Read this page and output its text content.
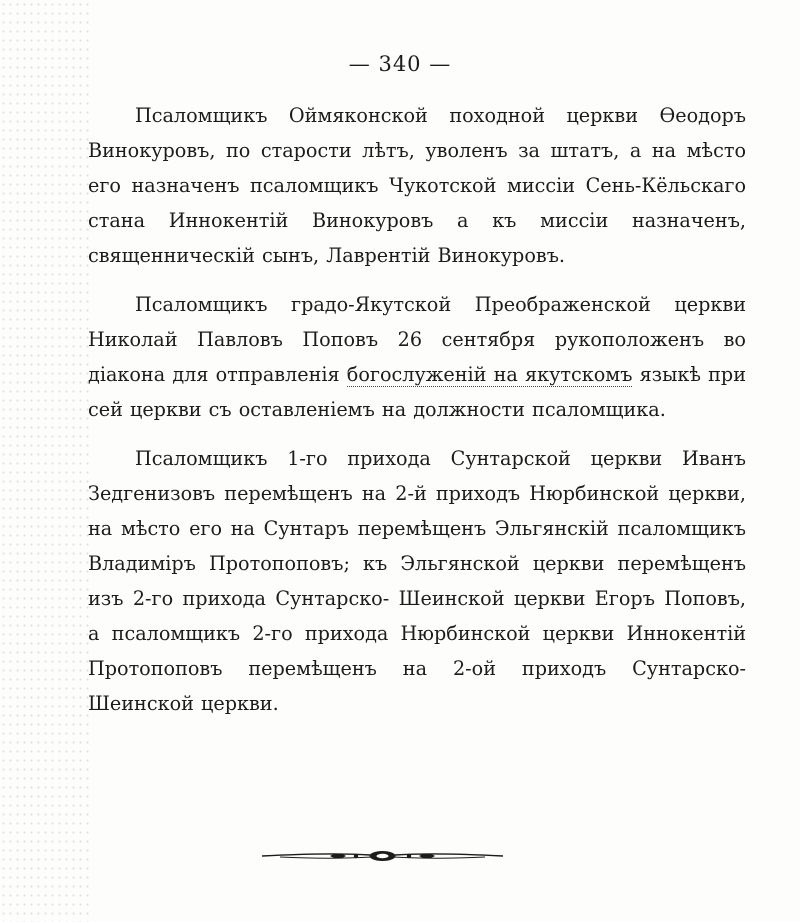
— 340 —

Псаломщикъ Оймяконской походной церкви Ѳеодоръ Винокуровъ, по старости лѣтъ, уволенъ за штатъ, а на мѣсто его назначенъ псаломщикъ Чукотской миссіи Сень-Кёльскаго стана Иннокентій Винокуровъ а къ миссіи назначенъ, священническій сынъ, Лаврентій Винокуровъ.

Псаломщикъ градо-Якутской Преображенской церкви Николай Павловъ Поповъ 26 сентября рукоположенъ во діакона для отправленія богослуженій на якутскомъ языкѣ при сей церкви съ оставленіемъ на должности псаломщика.

Псаломщикъ 1-го прихода Сунтарской церкви Иванъ Зедгенизовъ перемѣщенъ на 2-й приходъ Нюрбинской церкви, на мѣсто его на Сунтаръ перемѣщенъ Эльгянскій псаломщикъ Владиміръ Протопоповъ; къ Эльгянской церкви перемѣщенъ изъ 2-го прихода Сунтарско- Шеинской церкви Егоръ Поповъ, а псаломщикъ 2-го прихода Нюрбинской церкви Иннокентій Протопоповъ перемѣщенъ на 2-ой приходъ Сунтарско-Шеинской церкви.
